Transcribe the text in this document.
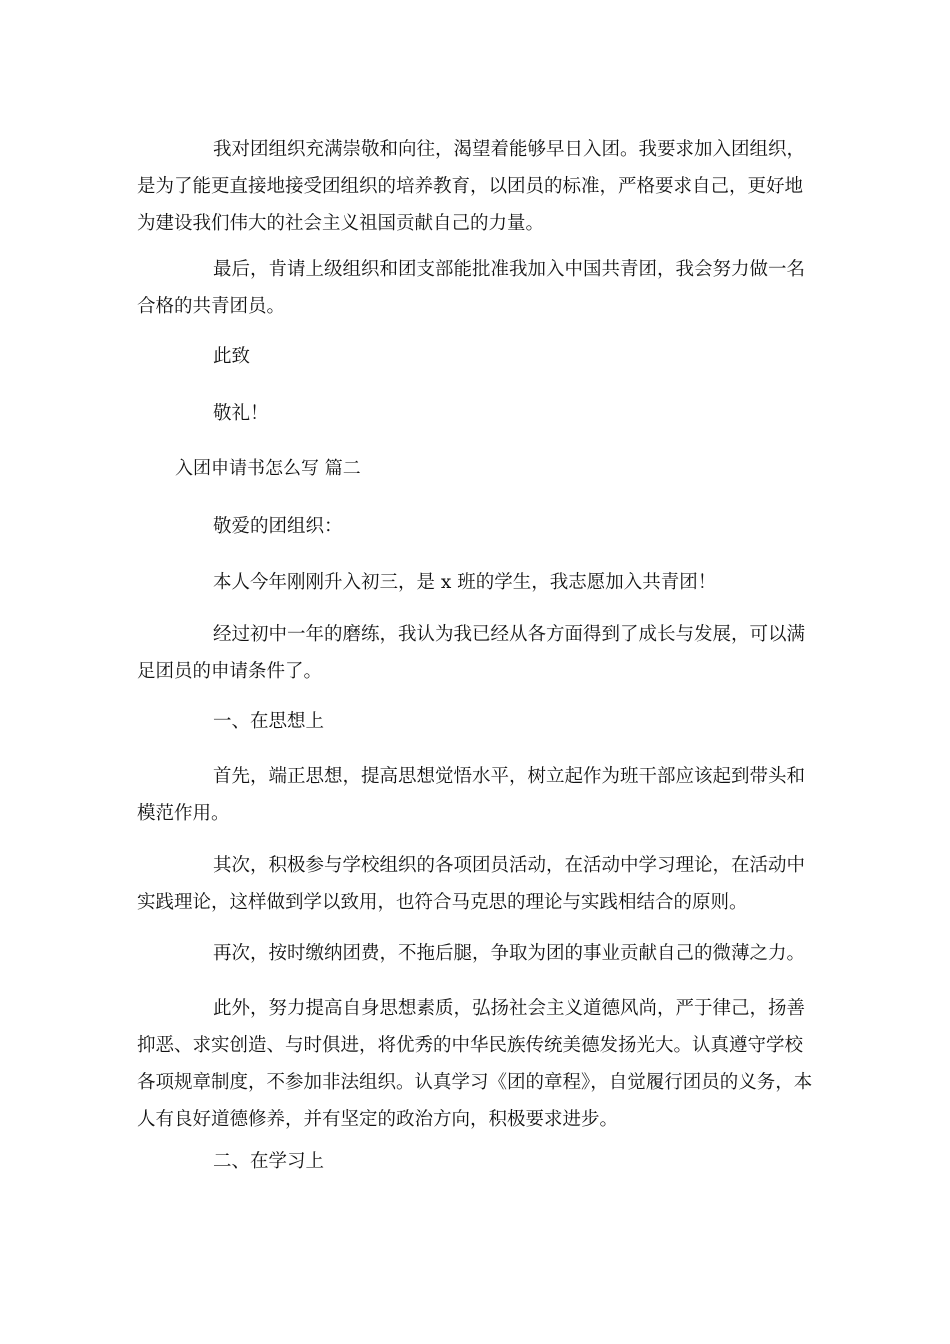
我对团组织充满崇敬和向往，渴望着能够早日入团。我要求加入团组织，是为了能更直接地接受团组织的培养教育，以团员的标准，严格要求自己，更好地为建设我们伟大的社会主义祖国贡献自己的力量。

最后，肯请上级组织和团支部能批准我加入中国共青团，我会努力做一名合格的共青团员。

此致

敬礼！

入团申请书怎么写 篇二

敬爱的团组织：

本人今年刚刚升入初三，是 x 班的学生，我志愿加入共青团！

经过初中一年的磨练，我认为我已经从各方面得到了成长与发展，可以满足团员的申请条件了。

一、在思想上

首先，端正思想，提高思想觉悟水平，树立起作为班干部应该起到带头和模范作用。

其次，积极参与学校组织的各项团员活动，在活动中学习理论，在活动中实践理论，这样做到学以致用，也符合马克思的理论与实践相结合的原则。

再次，按时缴纳团费，不拖后腿，争取为团的事业贡献自己的微薄之力。

此外，努力提高自身思想素质，弘扬社会主义道德风尚，严于律己，扬善抑恶、求实创造、与时俱进，将优秀的中华民族传统美德发扬光大。认真遵守学校各项规章制度，不参加非法组织。认真学习《团的章程》，自觉履行团员的义务，本人有良好道德修养，并有坚定的政治方向，积极要求进步。

二、在学习上
